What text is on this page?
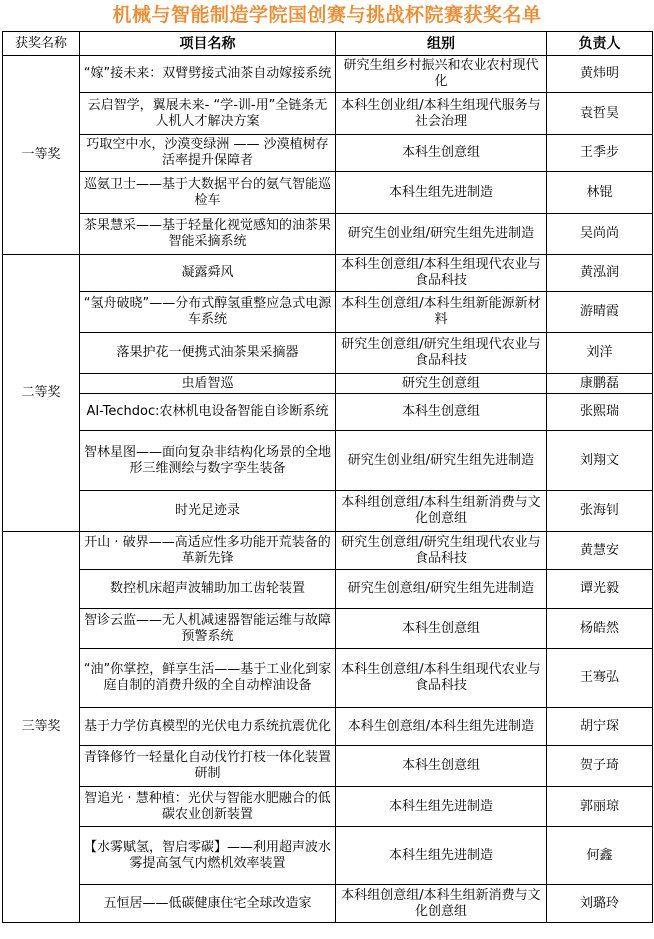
机械与智能制造学院国创赛与挑战杯院赛获奖名单
获奖名称	项目名称	组别	负责人
一等奖	“嫁”接未来：双臂劈接式油茶自动嫁接系统	研究生组乡村振兴和农业农村现代化	黄炜明
	云启智学，翼展未来- “学-训-用”全链条无人机人才解决方案	本科生创业组/本科生组现代服务与社会治理	袁哲昊
	巧取空中水，沙漠变绿洲 —— 沙漠植树存活率提升保障者	本科生创意组	王季步
	巡氨卫士——基于大数据平台的氨气智能巡检车	本科生组先进制造	林锟
	茶果慧采——基于轻量化视觉感知的油茶果智能采摘系统	研究生创业组/研究生组先进制造	吴尚尚
二等奖	凝露舜风	本科生创意组/本科生组现代农业与食品科技	黄泓润
	“氢舟破晓”——分布式醇氢重整应急式电源车系统	本科生创意组/本科生组新能源新材料	游晴霞
	落果护花一便携式油茶果采摘器	研究生创意组/研究生组现代农业与食品科技	刘洋
	虫盾智巡	研究生创意组	康鹏磊
	AI-Techdoc:农林机电设备智能自诊断系统	本科生创意组	张熙瑞
	智林星图——面向复杂非结构化场景的全地形三维测绘与数字孪生装备	研究生创业组/研究生组先进制造	刘翔文
	时光足迹录	本科组创意组/本科生组新消费与文化创意组	张海钊
三等奖	开山 · 破界——高适应性多功能开荒装备的革新先锋	研究生创意组/研究生组现代农业与食品科技	黄慧安
	数控机床超声波辅助加工齿轮装置	研究生创意组/研究生组先进制造	谭光毅
	智诊云监——无人机减速器智能运维与故障预警系统	本科生创意组	杨皓然
	“油”你掌控，鲜享生活——基于工业化到家庭自制的消费升级的全自动榨油设备	本科生创意组/本科生组现代农业与食品科技	王骞弘
	基于力学仿真模型的光伏电力系统抗震优化	本科生创意组/本科生组先进制造	胡宁琛
	青锋修竹一轻量化自动伐竹打枝一体化装置研制	本科生创意组	贺子琦
	智追光 · 慧种植：光伏与智能水肥融合的低碳农业创新装置	本科生组先进制造	郭丽琼
	【水雾赋氢，智启零碳】——利用超声波水雾提高氢气内燃机效率装置	本科生组先进制造	何鑫
	五恒居——低碳健康住宅全球改造家	本科组创意组/本科生组新消费与文化创意组	刘璐玲
